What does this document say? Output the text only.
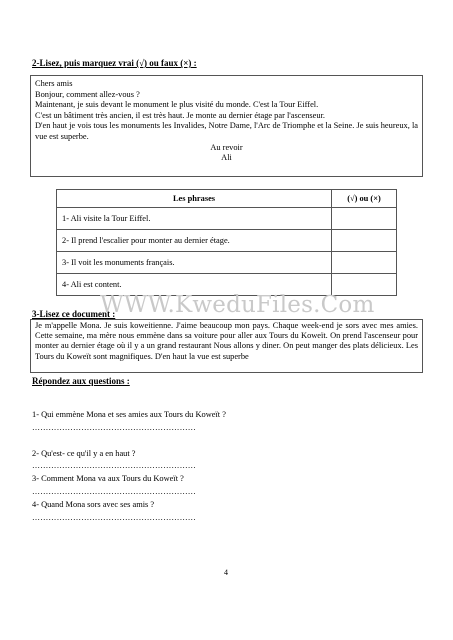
2-Lisez, puis marquez vrai (√) ou faux (×) :

Chers amis

Bonjour, comment allez-vous ?

Maintenant, je suis devant le monument le plus visité du monde. C'est la Tour Eiffel.

C'est un bâtiment très ancien, il est très haut. Je monte au dernier étage par l'ascenseur.

D'en haut je vois tous les monuments les Invalides, Notre Dame, l'Arc de Triomphe et la Seine. Je suis heureux, la vue est superbe.

Au revoir

Ali

Les phrases	(√) ou (×)
1- Ali visite la Tour Eiffel.	
2- Il prend l'escalier pour monter au dernier étage.	
3- Il voit les monuments français.	
4- Ali est content.	
3-Lisez ce document :
Je m'appelle Mona. Je suis koweitienne. J'aime beaucoup mon pays. Chaque week-end je sors avec mes amies. Cette semaine, ma mère nous emmène dans sa voiture pour aller aux Tours du Koweït. On prend l'ascenseur pour monter au dernier étage où il y a un grand restaurant Nous allons y diner. On peut manger des plats délicieux. Les Tours du Koweït sont magnifiques. D'en haut la vue est superbe
WWW.KweduFiles.Com
Répondez aux questions :
1- Qui emmène Mona et ses amies aux Tours du Koweït ?
……………………………………………………
2- Qu'est- ce qu'il y a en haut ?
……………………………………………………
3- Comment Mona va aux Tours du Koweït ?
……………………………………………………
4- Quand Mona sors avec ses amis ?
……………………………………………………
4
